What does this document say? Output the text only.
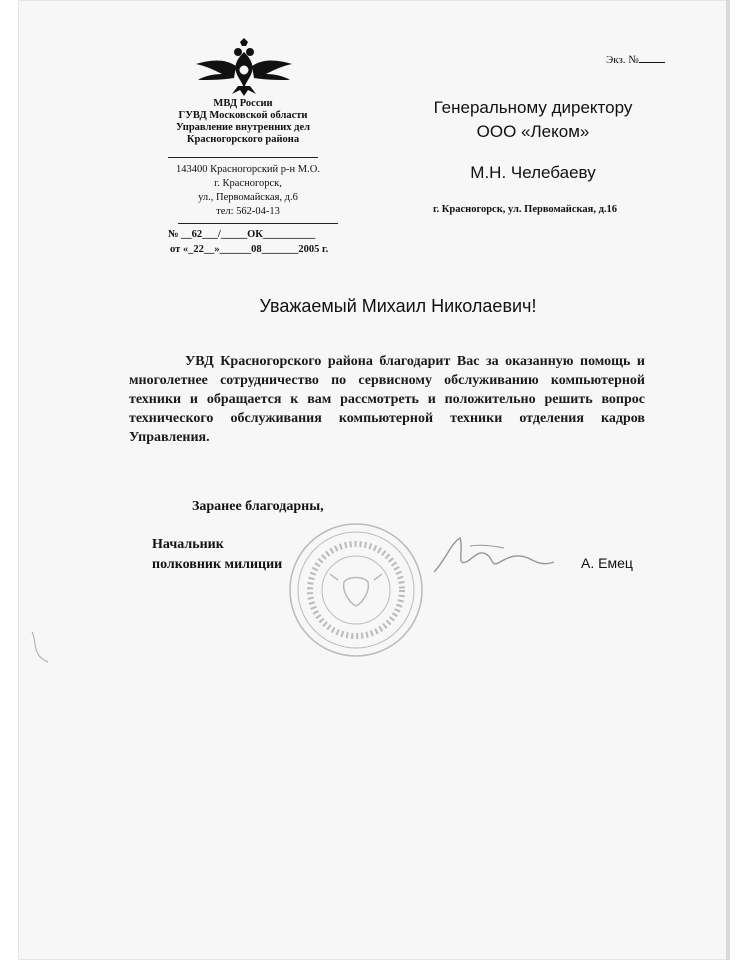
Экз. №
МВД России
ГУВД Московской области
Управление внутренних дел
Красногорского района
143400 Красногорский р-н М.О.
г. Красногорск,
ул., Первомайская, д.6
тел: 562-04-13
№ __62___/_____ОК__________
от «_22__»______08_______2005 г.
Генеральному директору
ООО «Леком»
М.Н. Челебаеву
г. Красногорск, ул. Первомайская, д.16
Уважаемый Михаил Николаевич!
УВД Красногорского района благодарит Вас за оказанную помощь и многолетнее сотрудничество по сервисному обслуживанию компьютерной техники и обращается к вам рассмотреть и положительно решить вопрос технического обслуживания компьютерной техники отделения кадров Управления.
Заранее благодарны,
Начальник
полковник милиции	А. Емец
